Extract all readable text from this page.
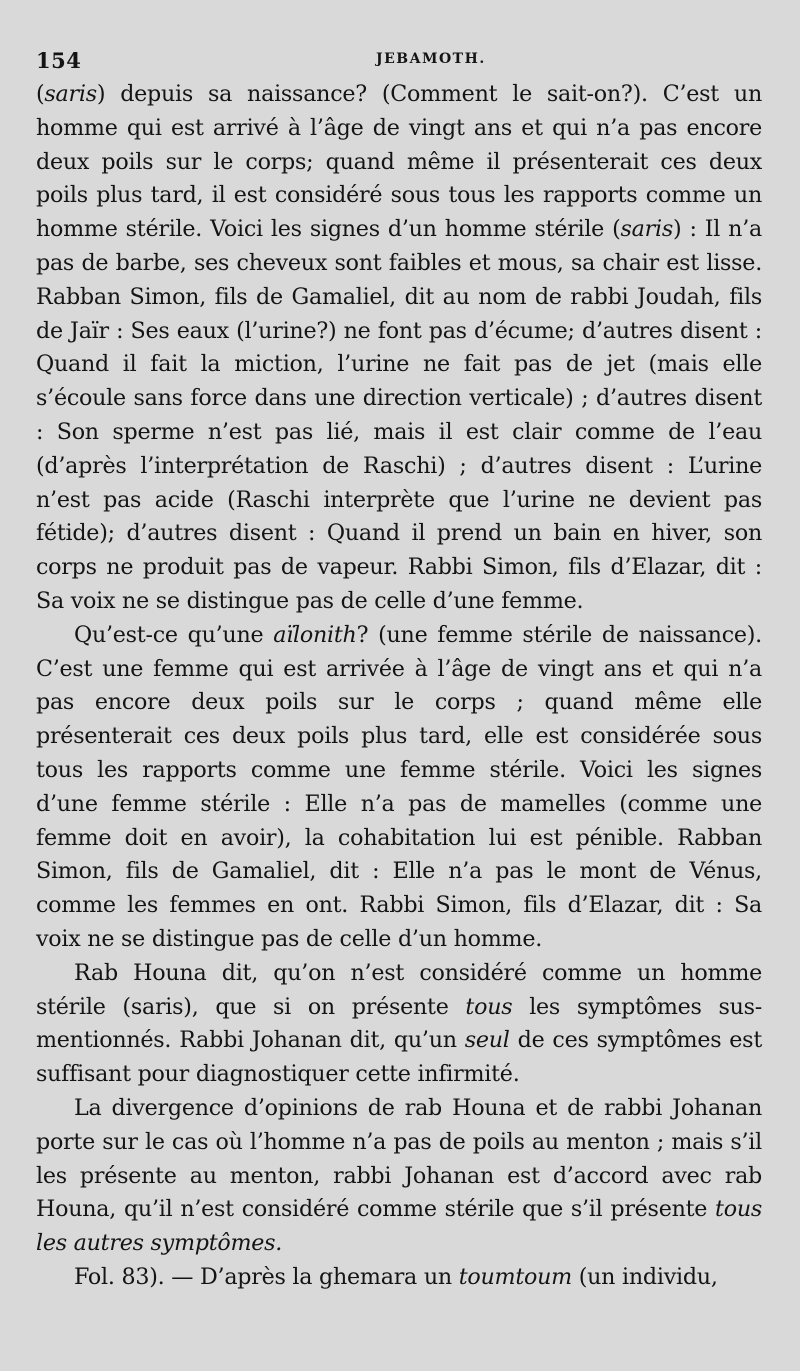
154	JEBAMOTH.

(saris) depuis sa naissance? (Comment le sait-on?). C’est un homme qui est arrivé à l’âge de vingt ans et qui n’a pas encore deux poils sur le corps; quand même il présenterait ces deux poils plus tard, il est considéré sous tous les rapports comme un homme stérile. Voici les signes d’un homme stérile (saris) : Il n’a pas de barbe, ses cheveux sont faibles et mous, sa chair est lisse. Rabban Simon, fils de Gamaliel, dit au nom de rabbi Joudah, fils de Jaïr : Ses eaux (l’urine?) ne font pas d’écume; d’autres disent : Quand il fait la miction, l’urine ne fait pas de jet (mais elle s’écoule sans force dans une direction verticale) ; d’autres disent : Son sperme n’est pas lié, mais il est clair comme de l’eau (d’après l’interprétation de Raschi) ; d’autres disent : L’urine n’est pas acide (Raschi interprète que l’urine ne devient pas fétide); d’autres disent : Quand il prend un bain en hiver, son corps ne produit pas de vapeur. Rabbi Simon, fils d’Elazar, dit : Sa voix ne se distingue pas de celle d’une femme.

Qu’est-ce qu’une aïlonith? (une femme stérile de naissance). C’est une femme qui est arrivée à l’âge de vingt ans et qui n’a pas encore deux poils sur le corps ; quand même elle présenterait ces deux poils plus tard, elle est considérée sous tous les rapports comme une femme stérile. Voici les signes d’une femme stérile : Elle n’a pas de mamelles (comme une femme doit en avoir), la cohabitation lui est pénible. Rabban Simon, fils de Gamaliel, dit : Elle n’a pas le mont de Vénus, comme les femmes en ont. Rabbi Simon, fils d’Elazar, dit : Sa voix ne se distingue pas de celle d’un homme.

Rab Houna dit, qu’on n’est considéré comme un homme stérile (saris), que si on présente tous les symptômes sus-mentionnés. Rabbi Johanan dit, qu’un seul de ces symptômes est suffisant pour diagnostiquer cette infirmité.

La divergence d’opinions de rab Houna et de rabbi Johanan porte sur le cas où l’homme n’a pas de poils au menton ; mais s’il les présente au menton, rabbi Johanan est d’accord avec rab Houna, qu’il n’est considéré comme stérile que s’il présente tous les autres symptômes.

Fol. 83). — D’après la ghemara un toumtoum (un individu,
